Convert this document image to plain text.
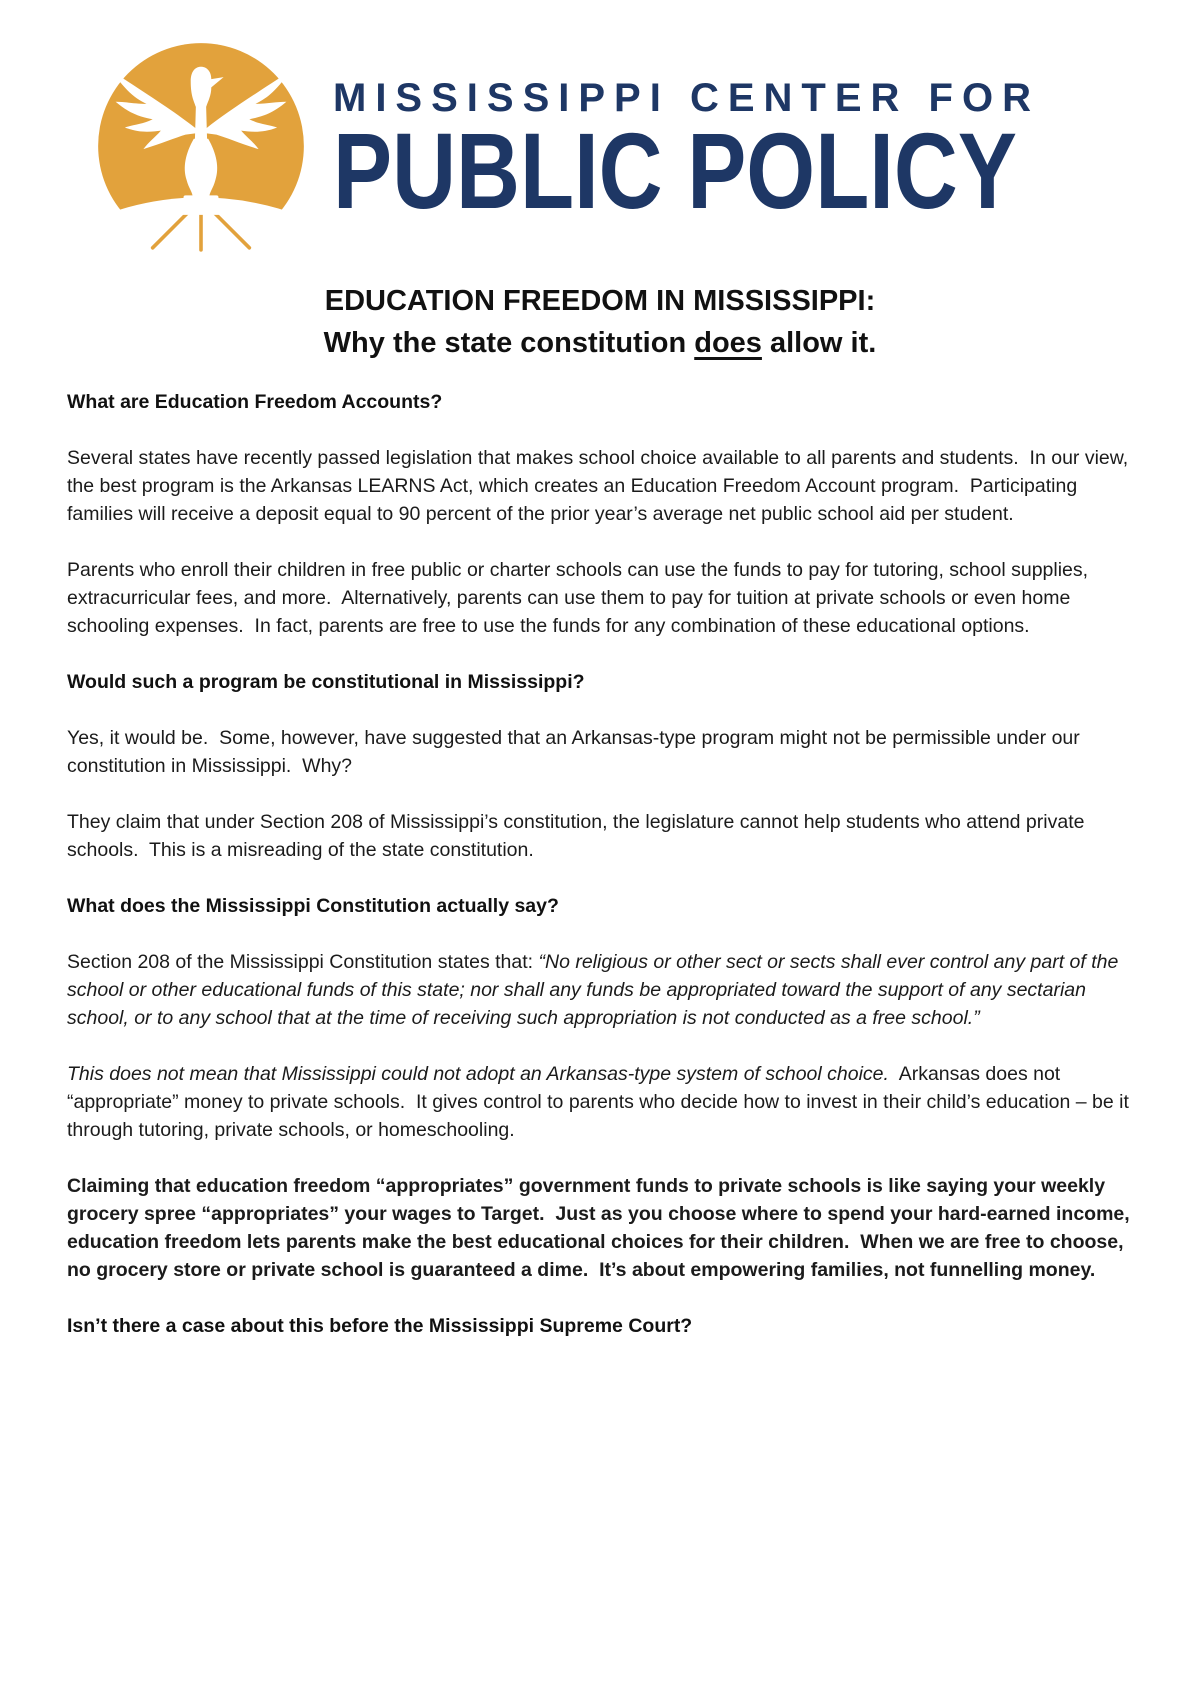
MISSISSIPPI CENTER FOR
PUBLIC POLICY
EDUCATION FREEDOM IN MISSISSIPPI:
Why the state constitution does allow it.
What are Education Freedom Accounts?

Several states have recently passed legislation that makes school choice available to all parents and students.  In our view, the best program is the Arkansas LEARNS Act, which creates an Education Freedom Account program.  Participating families will receive a deposit equal to 90 percent of the prior year’s average net public school aid per student.

Parents who enroll their children in free public or charter schools can use the funds to pay for tutoring, school supplies, extracurricular fees, and more.  Alternatively, parents can use them to pay for tuition at private schools or even home schooling expenses.  In fact, parents are free to use the funds for any combination of these educational options.

Would such a program be constitutional in Mississippi?

Yes, it would be.  Some, however, have suggested that an Arkansas-type program might not be permissible under our constitution in Mississippi.  Why?

They claim that under Section 208 of Mississippi’s constitution, the legislature cannot help students who attend private schools.  This is a misreading of the state constitution.

What does the Mississippi Constitution actually say?

Section 208 of the Mississippi Constitution states that: “No religious or other sect or sects shall ever control any part of the school or other educational funds of this state; nor shall any funds be appropriated toward the support of any sectarian school, or to any school that at the time of receiving such appropriation is not conducted as a free school.”

This does not mean that Mississippi could not adopt an Arkansas-type system of school choice.  Arkansas does not “appropriate” money to private schools.  It gives control to parents who decide how to invest in their child’s education – be it through tutoring, private schools, or homeschooling.

Claiming that education freedom “appropriates” government funds to private schools is like saying your weekly grocery spree “appropriates” your wages to Target.  Just as you choose where to spend your hard-earned income, education freedom lets parents make the best educational choices for their children.  When we are free to choose, no grocery store or private school is guaranteed a dime.  It’s about empowering families, not funnelling money.

Isn’t there a case about this before the Mississippi Supreme Court?
